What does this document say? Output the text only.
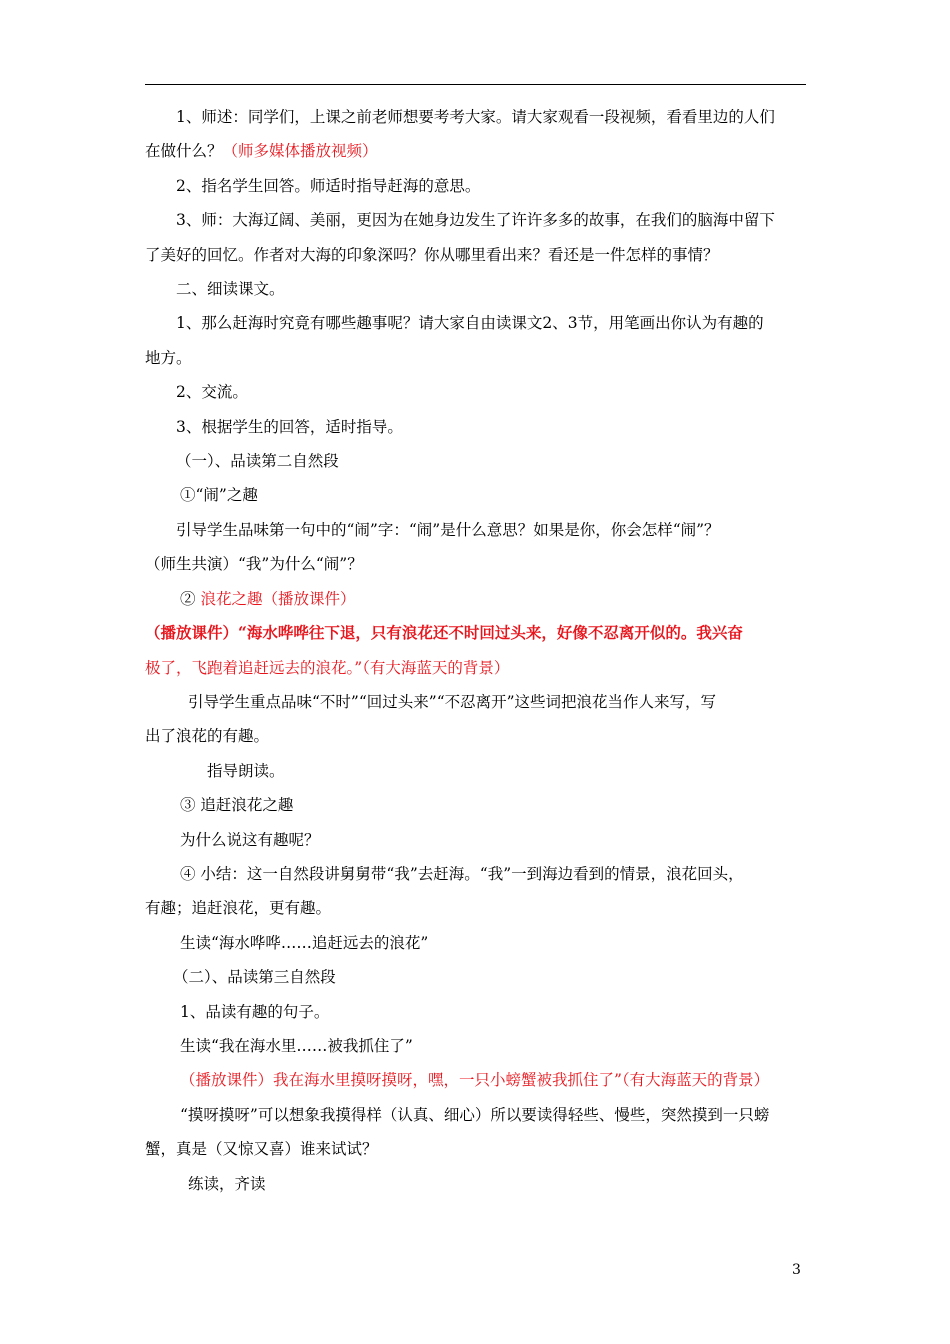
1、师述：同学们，上课之前老师想要考考大家。请大家观看一段视频，看看里边的人们

在做什么？（师多媒体播放视频）

2、指名学生回答。师适时指导赶海的意思。

3、师：大海辽阔、美丽，更因为在她身边发生了许许多多的故事，在我们的脑海中留下

了美好的回忆。作者对大海的印象深吗？你从哪里看出来？看还是一件怎样的事情？

二、细读课文。

1、那么赶海时究竟有哪些趣事呢？请大家自由读课文2、3节，用笔画出你认为有趣的

地方。

2、交流。

3、根据学生的回答，适时指导。

（一）、品读第二自然段

①“闹”之趣

引导学生品味第一句中的“闹”字：“闹”是什么意思？如果是你，你会怎样“闹”？

（师生共演）“我”为什么“闹”？

② 浪花之趣（播放课件）

（播放课件）“海水哗哗往下退，只有浪花还不时回过头来，好像不忍离开似的。我兴奋

极了，飞跑着追赶远去的浪花。”（有大海蓝天的背景）

引导学生重点品味“不时”“回过头来”“不忍离开”这些词把浪花当作人来写，写

出了浪花的有趣。

指导朗读。

③ 追赶浪花之趣

为什么说这有趣呢？

④ 小结：这一自然段讲舅舅带“我”去赶海。“我”一到海边看到的情景，浪花回头，

有趣；追赶浪花，更有趣。

生读“海水哗哗……追赶远去的浪花”

（二）、品读第三自然段

1、品读有趣的句子。

生读“我在海水里……被我抓住了”

（播放课件）我在海水里摸呀摸呀，嘿，一只小螃蟹被我抓住了”（有大海蓝天的背景）

“摸呀摸呀”可以想象我摸得样（认真、细心）所以要读得轻些、慢些，突然摸到一只螃

蟹，真是（又惊又喜）谁来试试？

练读，齐读

3
